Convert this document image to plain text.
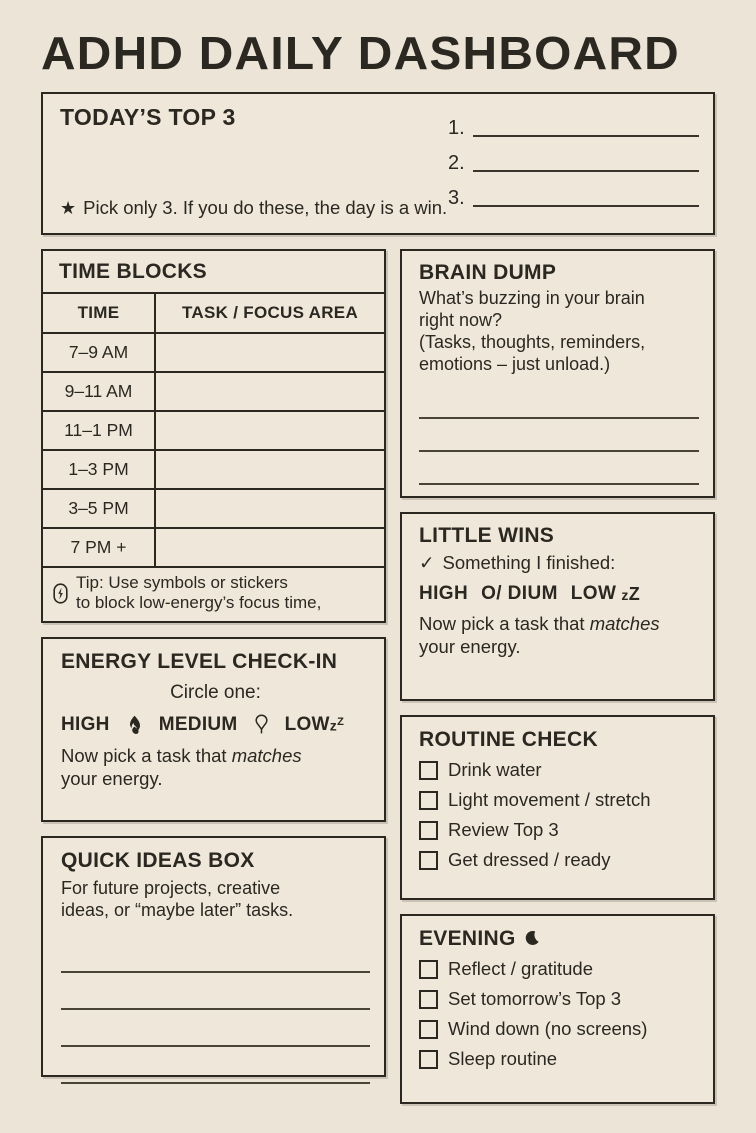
ADHD DAILY DASHBOARD
TODAY’S TOP 3	1.
2.
3.
★ Pick only 3. If you do these, the day is a win.
TIME BLOCKS
TIME	TASK / FOCUS AREA
7–9 AM	
9–11 AM	
11–1 PM	
1–3 PM	
3–5 PM	
7 PM +	
Tip: Use symbols or stickers
to block low-energy’s focus time,
ENERGY LEVEL CHECK-IN
Circle one:
HIGH	MEDIUM LOW $z^Z$
Now pick a task that matches
your energy.
QUICK IDEAS BOX
For future projects, creative
ideas, or “maybe later” tasks.
BRAIN DUMP
What’s buzzing in your brain
right now?
(Tasks, thoughts, reminders,
emotions – just unload.)
LITTLE WINS
✓ Something I finished:
HIGH O/ DIUM LOW zZ
Now pick a task that matches
your energy.
ROUTINE CHECK
Drink water
Light movement / stretch
Review Top 3
Get dressed / ready
EVENING
Reflect / gratitude
Set tomorrow’s Top 3
Wind down (no screens)
Sleep routine
